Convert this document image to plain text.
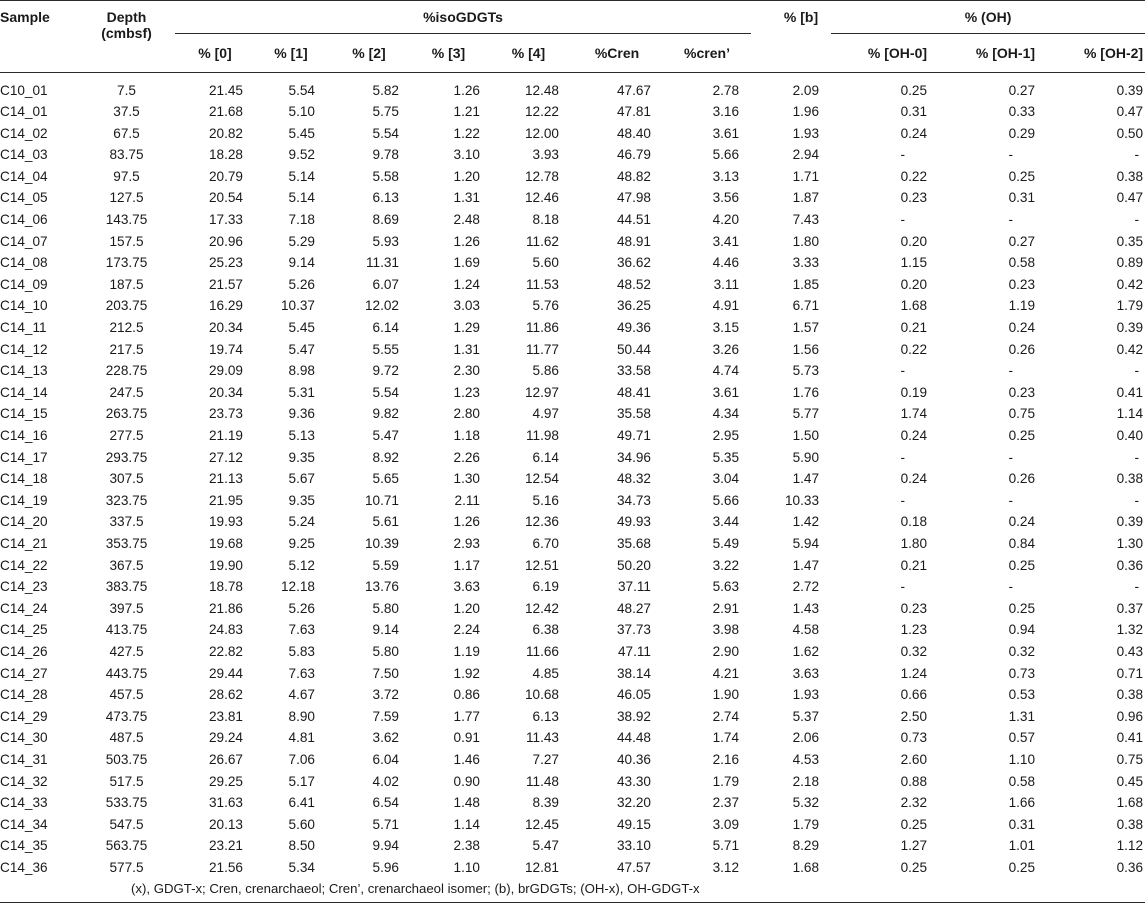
Sample	Depth
(cmbsf)	%isoGDGTs							% [b]	% (OH)		
		% [0]	% [1]	% [2]	% [3]	% [4]	%Cren	%cren’		% [OH-0]	% [OH-1]	% [OH-2]
C10_01	7.5	21.45	5.54	5.82	1.26	12.48	47.67	2.78	2.09	0.25	0.27	0.39
C14_01	37.5	21.68	5.10	5.75	1.21	12.22	47.81	3.16	1.96	0.31	0.33	0.47
C14_02	67.5	20.82	5.45	5.54	1.22	12.00	48.40	3.61	1.93	0.24	0.29	0.50
C14_03	83.75	18.28	9.52	9.78	3.10	3.93	46.79	5.66	2.94	-	-	-
C14_04	97.5	20.79	5.14	5.58	1.20	12.78	48.82	3.13	1.71	0.22	0.25	0.38
C14_05	127.5	20.54	5.14	6.13	1.31	12.46	47.98	3.56	1.87	0.23	0.31	0.47
C14_06	143.75	17.33	7.18	8.69	2.48	8.18	44.51	4.20	7.43	-	-	-
C14_07	157.5	20.96	5.29	5.93	1.26	11.62	48.91	3.41	1.80	0.20	0.27	0.35
C14_08	173.75	25.23	9.14	11.31	1.69	5.60	36.62	4.46	3.33	1.15	0.58	0.89
C14_09	187.5	21.57	5.26	6.07	1.24	11.53	48.52	3.11	1.85	0.20	0.23	0.42
C14_10	203.75	16.29	10.37	12.02	3.03	5.76	36.25	4.91	6.71	1.68	1.19	1.79
C14_11	212.5	20.34	5.45	6.14	1.29	11.86	49.36	3.15	1.57	0.21	0.24	0.39
C14_12	217.5	19.74	5.47	5.55	1.31	11.77	50.44	3.26	1.56	0.22	0.26	0.42
C14_13	228.75	29.09	8.98	9.72	2.30	5.86	33.58	4.74	5.73	-	-	-
C14_14	247.5	20.34	5.31	5.54	1.23	12.97	48.41	3.61	1.76	0.19	0.23	0.41
C14_15	263.75	23.73	9.36	9.82	2.80	4.97	35.58	4.34	5.77	1.74	0.75	1.14
C14_16	277.5	21.19	5.13	5.47	1.18	11.98	49.71	2.95	1.50	0.24	0.25	0.40
C14_17	293.75	27.12	9.35	8.92	2.26	6.14	34.96	5.35	5.90	-	-	-
C14_18	307.5	21.13	5.67	5.65	1.30	12.54	48.32	3.04	1.47	0.24	0.26	0.38
C14_19	323.75	21.95	9.35	10.71	2.11	5.16	34.73	5.66	10.33	-	-	-
C14_20	337.5	19.93	5.24	5.61	1.26	12.36	49.93	3.44	1.42	0.18	0.24	0.39
C14_21	353.75	19.68	9.25	10.39	2.93	6.70	35.68	5.49	5.94	1.80	0.84	1.30
C14_22	367.5	19.90	5.12	5.59	1.17	12.51	50.20	3.22	1.47	0.21	0.25	0.36
C14_23	383.75	18.78	12.18	13.76	3.63	6.19	37.11	5.63	2.72	-	-	-
C14_24	397.5	21.86	5.26	5.80	1.20	12.42	48.27	2.91	1.43	0.23	0.25	0.37
C14_25	413.75	24.83	7.63	9.14	2.24	6.38	37.73	3.98	4.58	1.23	0.94	1.32
C14_26	427.5	22.82	5.83	5.80	1.19	11.66	47.11	2.90	1.62	0.32	0.32	0.43
C14_27	443.75	29.44	7.63	7.50	1.92	4.85	38.14	4.21	3.63	1.24	0.73	0.71
C14_28	457.5	28.62	4.67	3.72	0.86	10.68	46.05	1.90	1.93	0.66	0.53	0.38
C14_29	473.75	23.81	8.90	7.59	1.77	6.13	38.92	2.74	5.37	2.50	1.31	0.96
C14_30	487.5	29.24	4.81	3.62	0.91	11.43	44.48	1.74	2.06	0.73	0.57	0.41
C14_31	503.75	26.67	7.06	6.04	1.46	7.27	40.36	2.16	4.53	2.60	1.10	0.75
C14_32	517.5	29.25	5.17	4.02	0.90	11.48	43.30	1.79	2.18	0.88	0.58	0.45
C14_33	533.75	31.63	6.41	6.54	1.48	8.39	32.20	2.37	5.32	2.32	1.66	1.68
C14_34	547.5	20.13	5.60	5.71	1.14	12.45	49.15	3.09	1.79	0.25	0.31	0.38
C14_35	563.75	23.21	8.50	9.94	2.38	5.47	33.10	5.71	8.29	1.27	1.01	1.12
C14_36	577.5	21.56	5.34	5.96	1.10	12.81	47.57	3.12	1.68	0.25	0.25	0.36
(x), GDGT-x; Cren, crenarchaeol; Cren’, crenarchaeol isomer; (b), brGDGTs; (OH-x), OH-GDGT-x
